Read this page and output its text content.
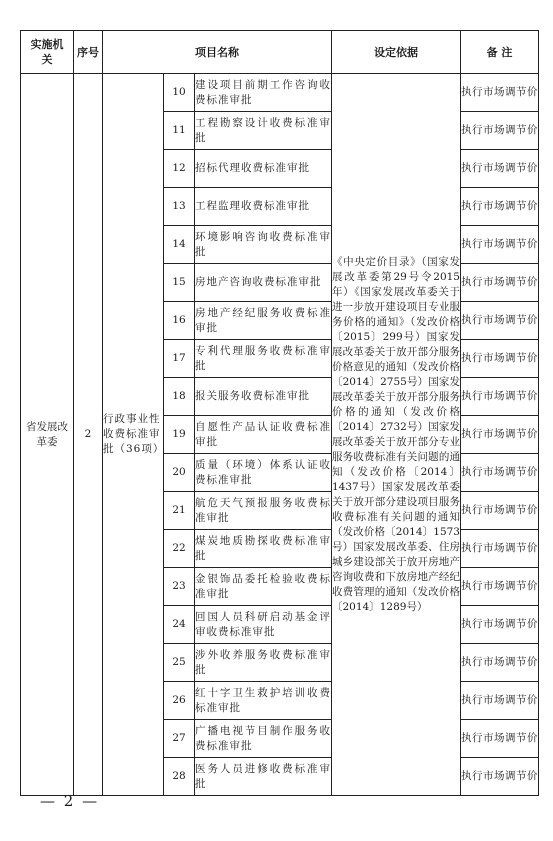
实施机关	序号	项目名称			设定依据	备 注
省发展改革委	2	行政事业性收费标准审批（36项）	10	建设项目前期工作咨询收费标准审批	《中央定价目录》（国家发展改革委第29号令2015年）《国家发展改革委关于进一步放开建设项目专业服务价格的通知》（发改价格〔2015〕299号）国家发展改革委关于放开部分服务价格意见的通知（发改价格〔2014〕2755号）国家发展改革委关于放开部分服务价格的通知（发改价格〔2014〕2732号）国家发展改革委关于放开部分专业服务收费标准有关问题的通知（发改价格〔2014〕1437号）国家发展改革委关于放开部分建设项目服务收费标准有关问题的通知（发改价格〔2014〕1573号）国家发展改革委、住房城乡建设部关于放开房地产咨询收费和下放房地产经纪收费管理的通知（发改价格〔2014〕1289号）	执行市场调节价
			11	工程勘察设计收费标准审批		执行市场调节价
			12	招标代理收费标准审批		执行市场调节价
			13	工程监理收费标准审批		执行市场调节价
			14	环境影响咨询收费标准审批		执行市场调节价
			15	房地产咨询收费标准审批		执行市场调节价
			16	房地产经纪服务收费标准审批		执行市场调节价
			17	专利代理服务收费标准审批		执行市场调节价
			18	报关服务收费标准审批		执行市场调节价
			19	自愿性产品认证收费标准审批		执行市场调节价
			20	质量（环境）体系认证收费标准审批		执行市场调节价
			21	航危天气预报服务收费标准审批		执行市场调节价
			22	煤炭地质勘探收费标准审批		执行市场调节价
			23	金银饰品委托检验收费标准审批		执行市场调节价
			24	回国人员科研启动基金评审收费标准审批		执行市场调节价
			25	涉外收养服务收费标准审批		执行市场调节价
			26	红十字卫生救护培训收费标准审批		执行市场调节价
			27	广播电视节目制作服务收费标准审批		执行市场调节价
			28	医务人员进修收费标准审批		执行市场调节价
— 2 —
